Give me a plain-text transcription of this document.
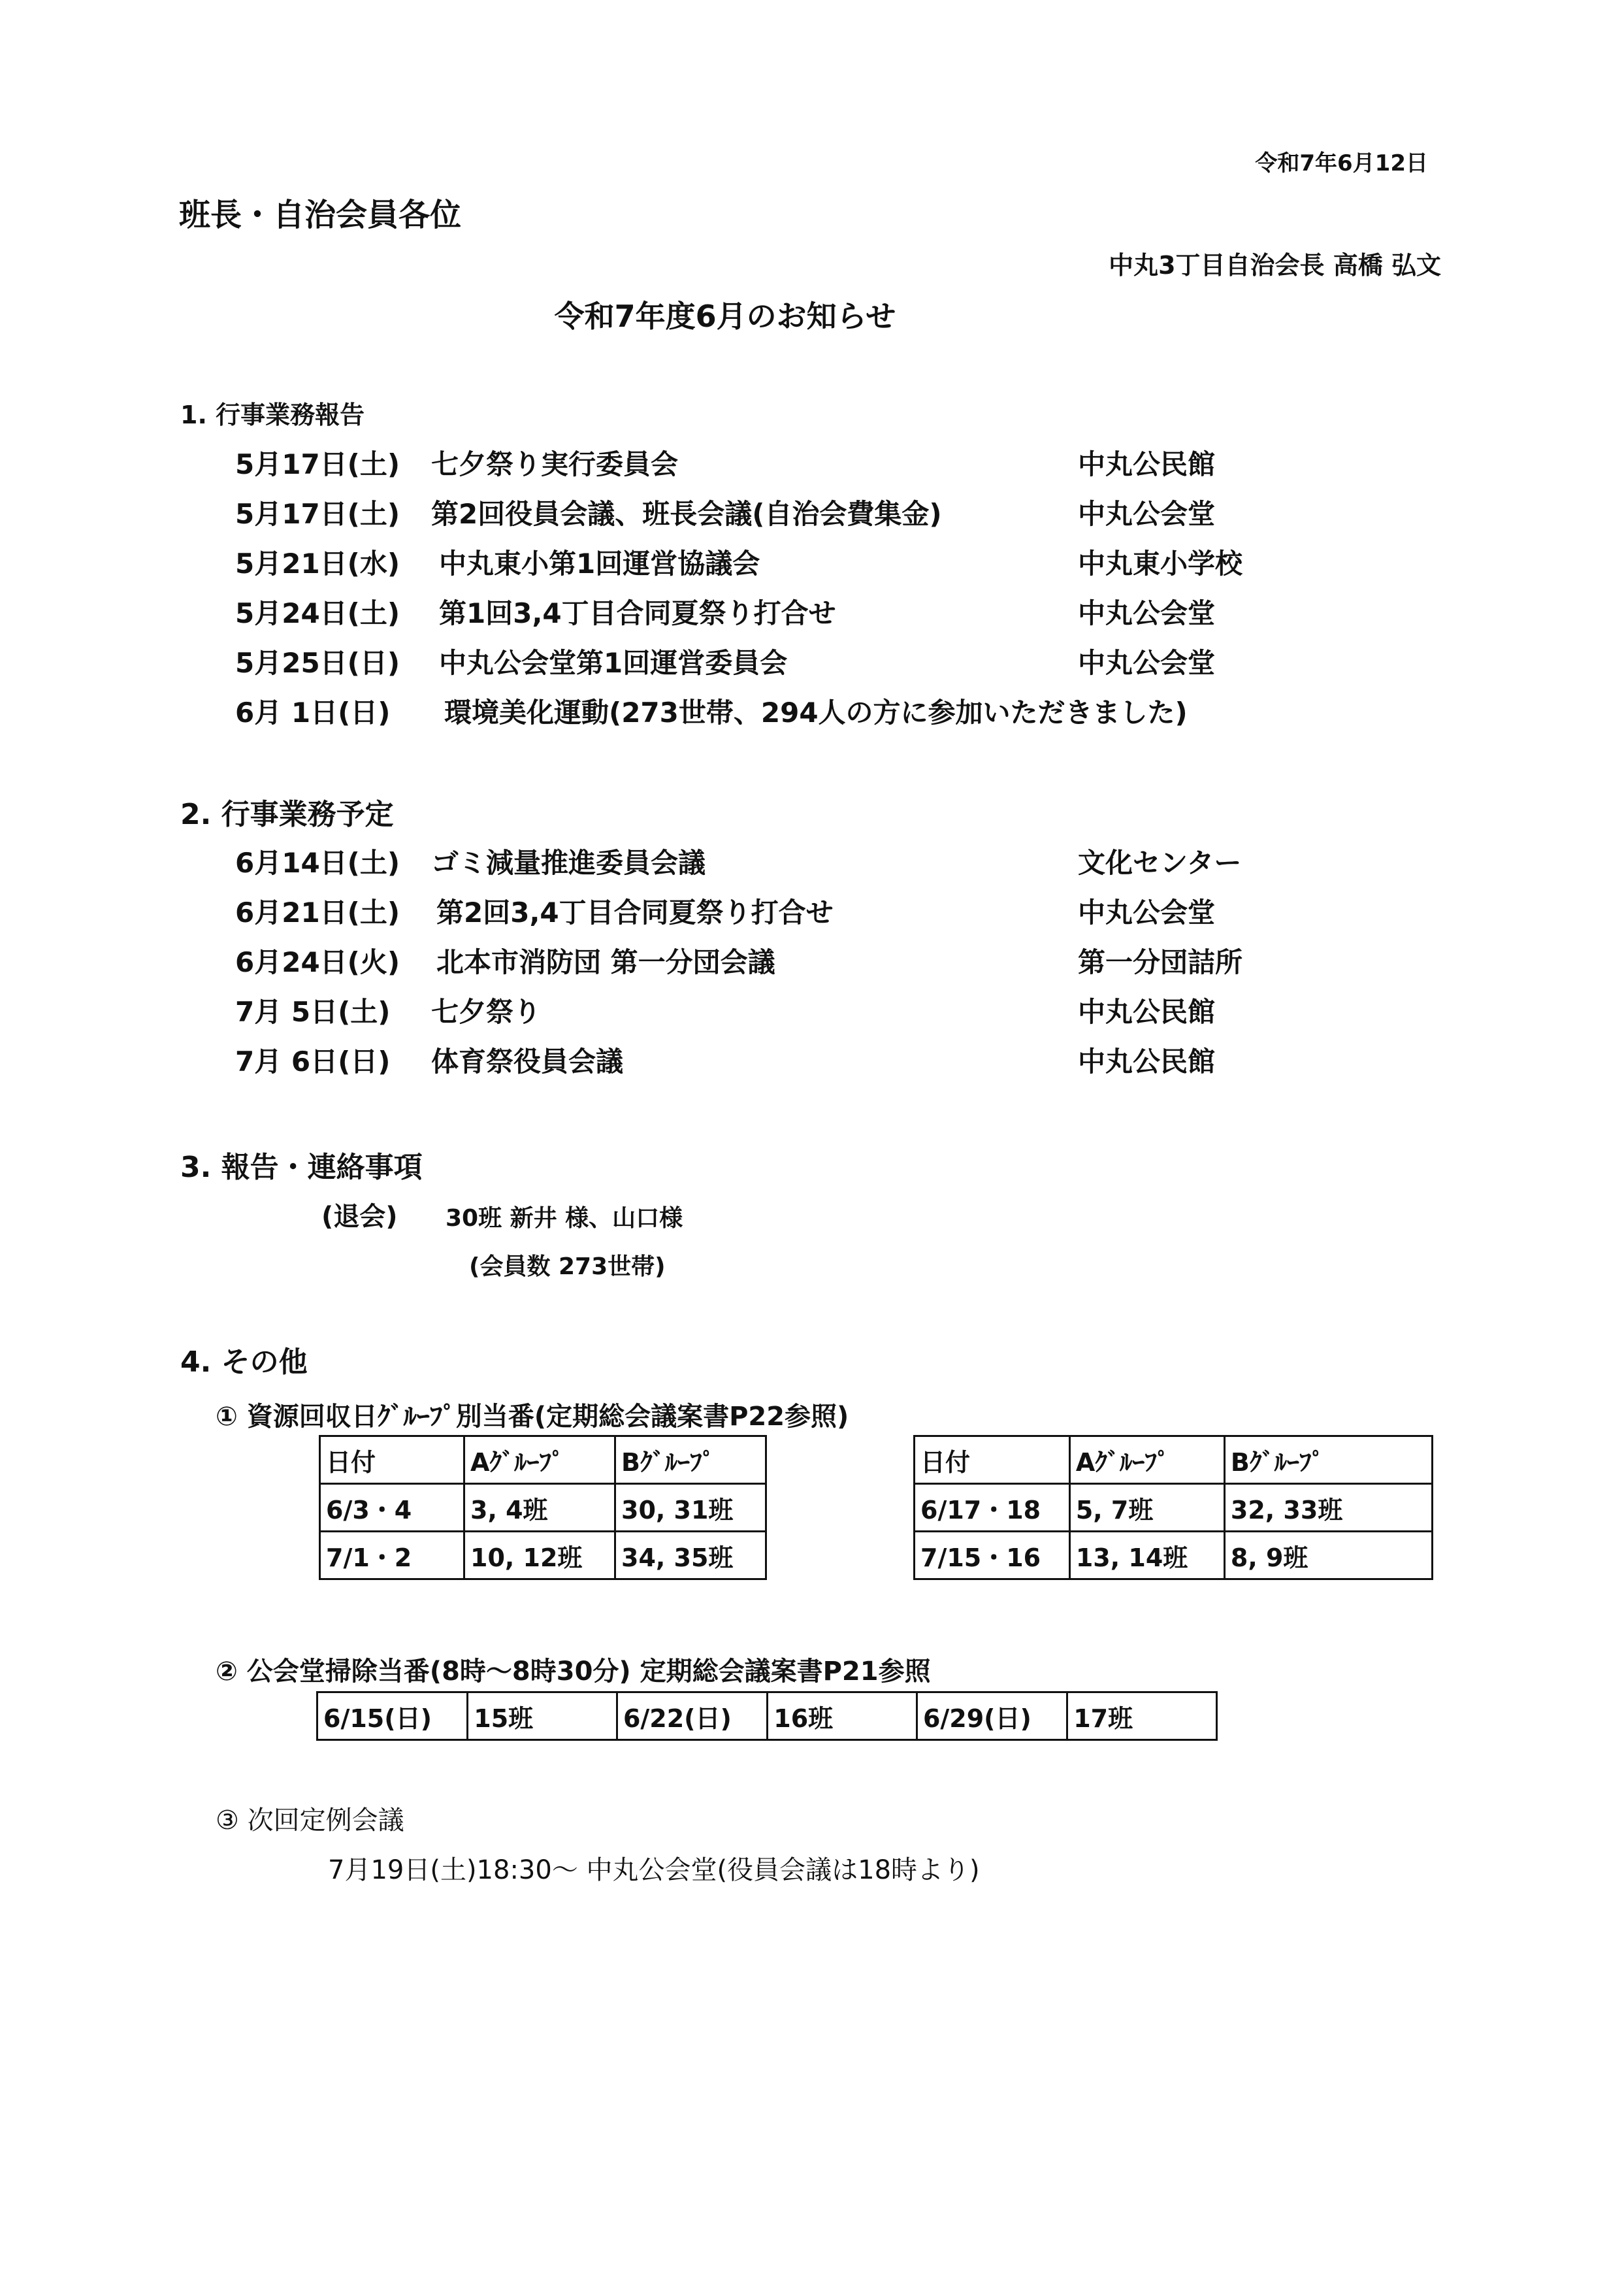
令和7年6月12日
班長・自治会員各位
中丸3丁目自治会長 高橋 弘文
令和7年度6月のお知らせ
1. 行事業務報告
5月17日(土) 七夕祭り実行委員会	中丸公民館
5月17日(土) 第2回役員会議、班長会議(自治会費集金)	中丸公会堂
5月21日(水) 中丸東小第1回運営協議会	中丸東小学校
5月24日(土) 第1回3,4丁目合同夏祭り打合せ	中丸公会堂
5月25日(日) 中丸公会堂第1回運営委員会	中丸公会堂
6月 1日(日) 環境美化運動(273世帯、294人の方に参加いただきました)
2. 行事業務予定
6月14日(土) ゴミ減量推進委員会議	文化センター
6月21日(土) 第2回3,4丁目合同夏祭り打合せ	中丸公会堂
6月24日(火) 北本市消防団 第一分団会議	第一分団詰所
7月 5日(土) 七夕祭り	中丸公民館
7月 6日(日) 体育祭役員会議	中丸公民館
3. 報告・連絡事項
(退会) 30班 新井 様、山口様
(会員数 273世帯)
4. その他
① 資源回収日ｸﾞﾙｰﾌﾟ別当番(定期総会議案書P22参照)
日付	Aｸﾞﾙｰﾌﾟ	Bｸﾞﾙｰﾌﾟ
6/3・4	3, 4班	30, 31班
7/1・2	10, 12班	34, 35班
日付	Aｸﾞﾙｰﾌﾟ	Bｸﾞﾙｰﾌﾟ
6/17・18	5, 7班	32, 33班
7/15・16	13, 14班	8, 9班
② 公会堂掃除当番(8時～8時30分) 定期総会議案書P21参照
6/15(日)	15班	6/22(日)	16班	6/29(日)	17班
③ 次回定例会議
7月19日(土)18:30～ 中丸公会堂(役員会議は18時より)
